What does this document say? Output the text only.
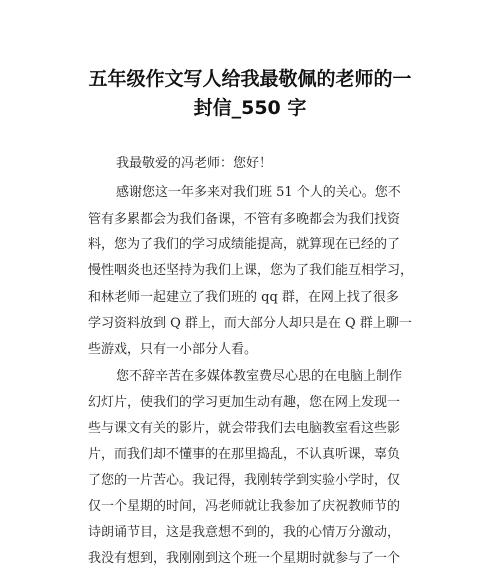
五年级作文写人给我最敬佩的老师的一
封信_550 字
我最敬爱的冯老师：您好！
感谢您这一年多来对我们班 51 个人的关心。您不
管有多累都会为我们备课，不管有多晚都会为我们找资
料，您为了我们的学习成绩能提高，就算现在已经的了
慢性咽炎也还坚持为我们上课，您为了我们能互相学习，
和林老师一起建立了我们班的 qq 群，在网上找了很多
学习资料放到 Q 群上，而大部分人却只是在 Q 群上聊一
些游戏，只有一小部分人看。
您不辞辛苦在多媒体教室费尽心思的在电脑上制作
幻灯片，使我们的学习更加生动有趣，您在网上发现一
些与课文有关的影片，就会带我们去电脑教室看这些影
片，而我们却不懂事的在那里捣乱，不认真听课，辜负
了您的一片苦心。我记得，我刚转学到实验小学时，仅
仅一个星期的时间，冯老师就让我参加了庆祝教师节的
诗朗诵节目，这是我意想不到的，我的心情万分激动，
我没有想到，我刚刚到这个班一个星期时就参与了一个
